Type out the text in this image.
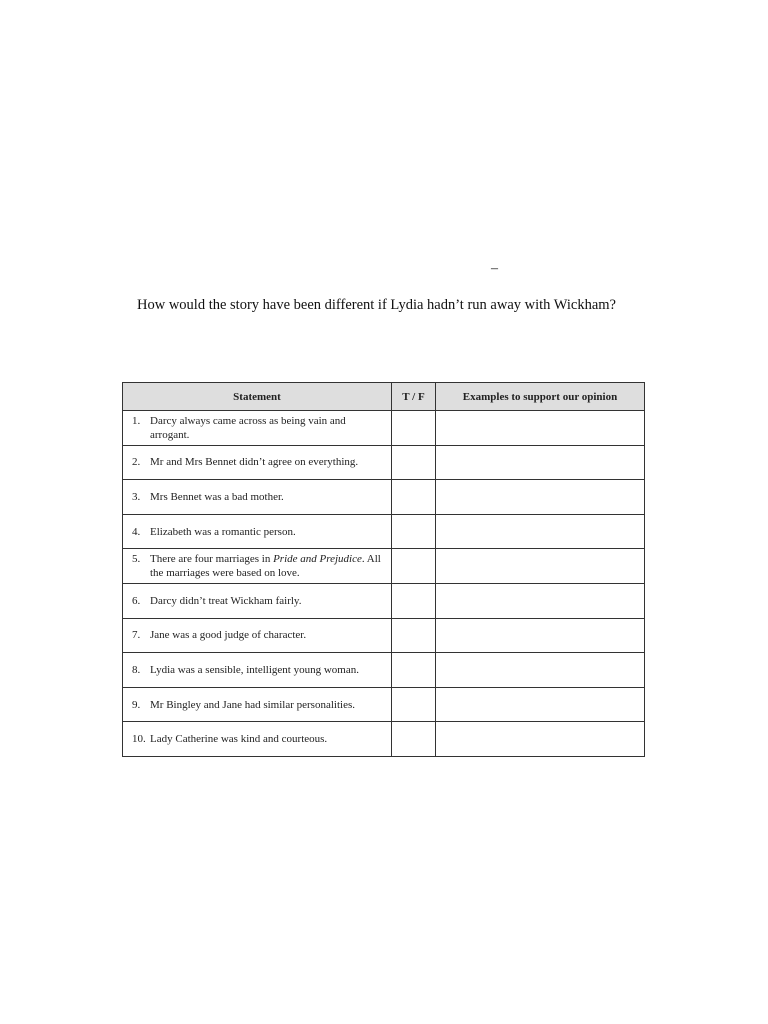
–

How would the story have been different if Lydia hadn’t run away with Wickham?

Statement	T / F	Examples to support our opinion

1. Darcy always came across as being vain and arrogant.		

2. Mr and Mrs Bennet didn’t agree on everything.		

3. Mrs Bennet was a bad mother.		

4. Elizabeth was a romantic person.		

5. There are four marriages in Pride and Prejudice. All the marriages were based on love.		

6. Darcy didn’t treat Wickham fairly.		

7. Jane was a good judge of character.		

8. Lydia was a sensible, intelligent young woman.		

9. Mr Bingley and Jane had similar personalities.		

10. Lady Catherine was kind and courteous.		
